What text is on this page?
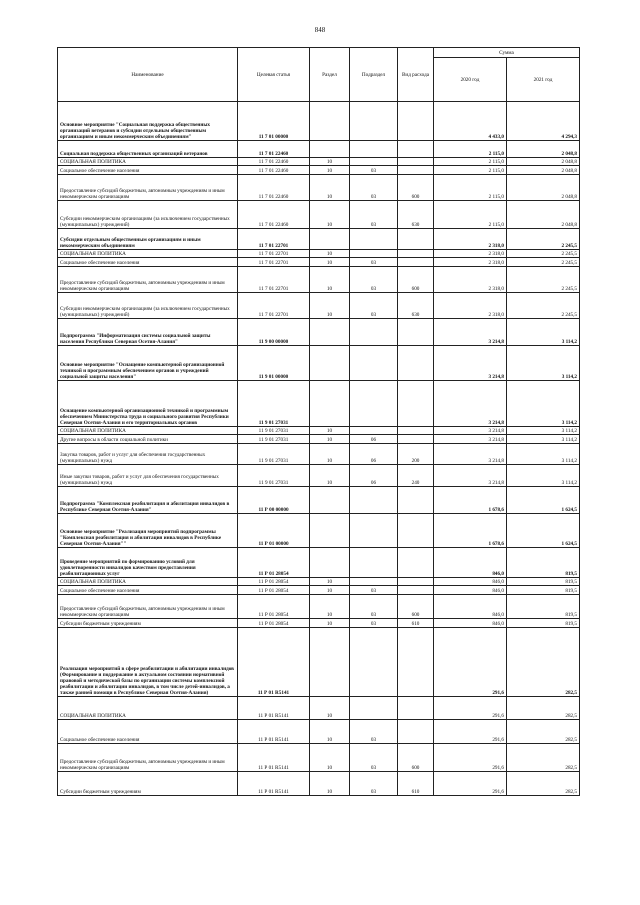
848
Наименование	Целевая статья	Раздел	Подраздел	Вид расхода	Сумма	
					2020 год	2021 год
Основное мероприятие "Социальная поддержка общественных организаций ветеранов и субсидии отдельным общественным организациям и иным некоммерческим объединениям"	11 7 01 00000				4 433,0	4 294,3
Социальная поддержка общественных организаций ветеранов	11 7 01 22460				2 115,0	2 048,8
СОЦИАЛЬНАЯ ПОЛИТИКА	11 7 01 22460	10			2 115,0	2 048,8
Социальное обеспечение населения	11 7 01 22460	10	03		2 115,0	2 048,8
Предоставление субсидий бюджетным, автономным учреждениям и иным некоммерческим организациям	11 7 01 22460	10	03	600	2 115,0	2 048,8
Субсидии некоммерческим организациям (за исключением государственных (муниципальных) учреждений)	11 7 01 22460	10	03	630	2 115,0	2 048,8
Субсидии отдельным общественным организациям и иным некоммерческим объединениям	11 7 01 22701				2 318,0	2 245,5
СОЦИАЛЬНАЯ ПОЛИТИКА	11 7 01 22701	10			2 318,0	2 245,5
Социальное обеспечение населения	11 7 01 22701	10	03		2 318,0	2 245,5
Предоставление субсидий бюджетным, автономным учреждениям и иным некоммерческим организациям	11 7 01 22701	10	03	600	2 318,0	2 245,5
Субсидии некоммерческим организациям (за исключением государственных (муниципальных) учреждений)	11 7 01 22701	10	03	630	2 318,0	2 245,5
Подпрограмма "Информатизация системы социальной защиты населения Республики Северная Осетия-Алания"	11 9 00 00000				3 214,8	3 114,2
Основное мероприятие "Оснащение компьютерной организационной техникой и программным обеспечением органов и учреждений социальной защиты населения"	11 9 01 00000				3 214,8	3 114,2
Оснащение компьютерной организационной техникой и программным обеспечением Министерства труда и социального развития Республики Северная Осетия-Алания и его территориальных органов	11 9 01 27031				3 214,8	3 114,2
СОЦИАЛЬНАЯ ПОЛИТИКА	11 9 01 27031	10			3 214,8	3 114,2
Другие вопросы в области социальной политики	11 9 01 27031	10	06		3 214,8	3 114,2
Закупка товаров, работ и услуг для обеспечения государственных (муниципальных) нужд	11 9 01 27031	10	06	200	3 214,8	3 114,2
Иные закупки товаров, работ и услуг для обеспечения государственных (муниципальных) нужд	11 9 01 27031	10	06	240	3 214,8	3 114,2
Подпрограмма "Комплексная реабилитация и абилитация инвалидов в Республике Северная Осетия-Алания"	11 Р 00 00000				1 678,6	1 624,5
Основное мероприятие "Реализация мероприятий подпрограммы "Комплексная реабилитация и абилитация инвалидов в Республике Северная Осетия-Алания""	11 Р 01 00000				1 678,6	1 624,5
Проведение мероприятий по формированию условий для удовлетворенности инвалидов качеством предоставления реабилитационных услуг	11 Р 01 28054				846,0	819,5
СОЦИАЛЬНАЯ ПОЛИТИКА	11 Р 01 28054	10			846,0	819,5
Социальное обеспечение населения	11 Р 01 28054	10	03		846,0	819,5
Предоставление субсидий бюджетным, автономным учреждениям и иным некоммерческим организациям	11 Р 01 28054	10	03	600	846,0	819,5
Субсидии бюджетным учреждениям	11 Р 01 28054	10	03	610	846,0	819,5
Реализация мероприятий в сфере реабилитации и абилитации инвалидов (Формирование и поддержание в актуальном состоянии нормативной правовой и методической базы по организации системы комплексной реабилитации и абилитации инвалидов, в том числе детей-инвалидов, а также ранней помощи в Республике Северная Осетия-Алания)	11 Р 01 R5141				291,6	282,5
СОЦИАЛЬНАЯ ПОЛИТИКА	11 Р 01 R5141	10			291,6	282,5
Социальное обеспечение населения	11 Р 01 R5141	10	03		291,6	282,5
Предоставление субсидий бюджетным, автономным учреждениям и иным некоммерческим организациям	11 Р 01 R5141	10	03	600	291,6	282,5
Субсидии бюджетным учреждениям	11 Р 01 R5141	10	03	610	291,6	282,5
